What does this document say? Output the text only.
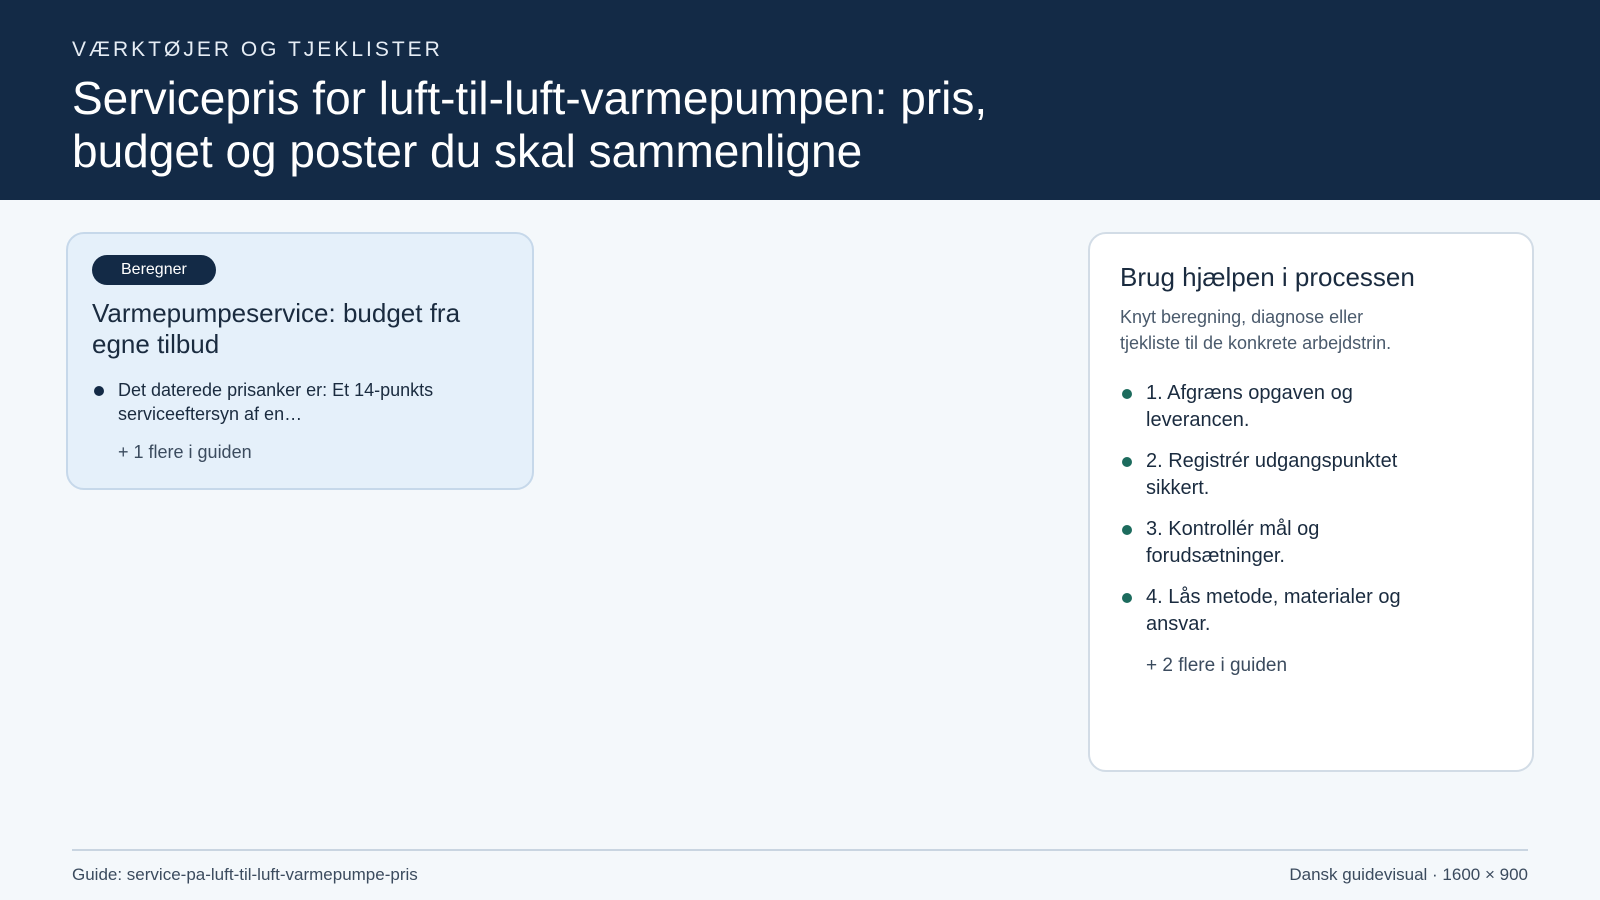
VÆRKTØJER OG TJEKLISTER
Servicepris for luft-til-luft-varmepumpen: pris, budget og poster du skal sammenligne
Beregner
Varmepumpeservice: budget fra egne tilbud
Det daterede prisanker er: Et 14-punkts serviceeftersyn af en…
+ 1 flere i guiden
Brug hjælpen i processen
Knyt beregning, diagnose eller tjekliste til de konkrete arbejdstrin.
1. Afgræns opgaven og leverancen.
2. Registrér udgangspunktet sikkert.
3. Kontrollér mål og forudsætninger.
4. Lås metode, materialer og ansvar.
+ 2 flere i guiden
Guide: service-pa-luft-til-luft-varmepumpe-pris	Dansk guidevisual · 1600 × 900
